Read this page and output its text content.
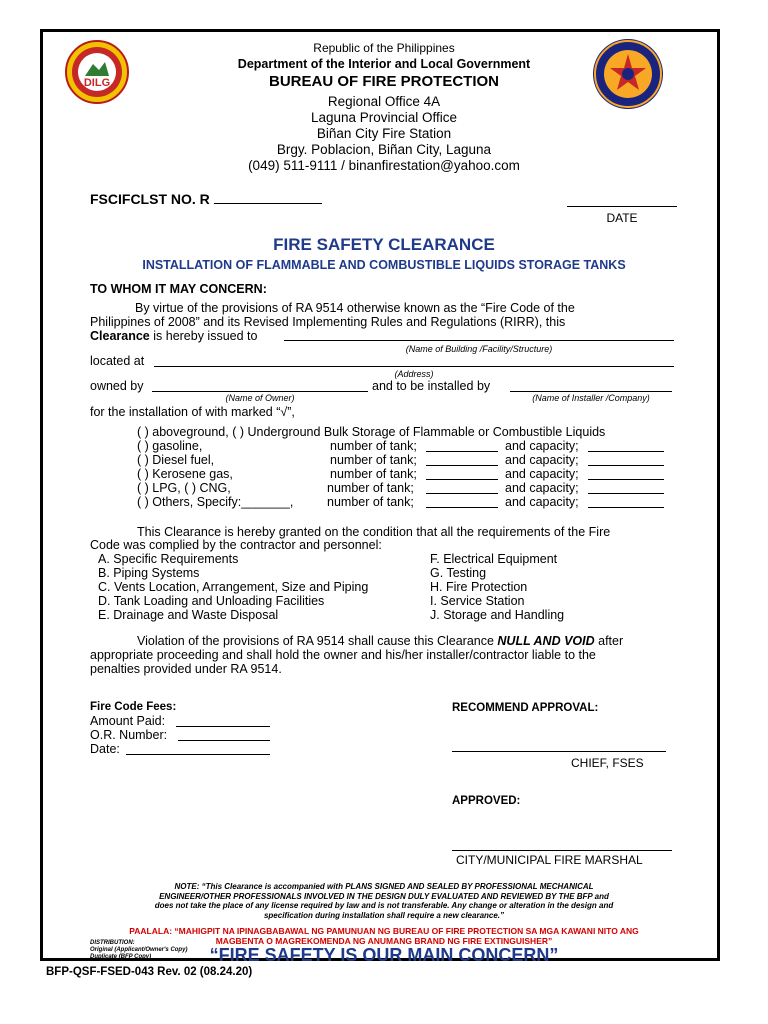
DILG
Republic of the Philippines
Department of the Interior and Local Government
BUREAU OF FIRE PROTECTION
Regional Office 4A
Laguna Provincial Office
Biñan City Fire Station
Brgy. Poblacion, Biñan City, Laguna
(049) 511-9111 / binanfirestation@yahoo.com
FSCIFCLST NO. R
DATE
FIRE SAFETY CLEARANCE
INSTALLATION OF FLAMMABLE AND COMBUSTIBLE LIQUIDS STORAGE TANKS
TO WHOM IT MAY CONCERN:
By virtue of the provisions of RA 9514 otherwise known as the “Fire Code of the
Philippines of 2008” and its Revised Implementing Rules and Regulations (RIRR), this
Clearance is hereby issued to
(Name of Building /Facility/Structure)
located at
(Address)
owned by	and to be installed by
(Name of Owner)	(Name of Installer /Company)
for the installation of with marked “√”,
( ) aboveground, ( ) Underground Bulk Storage of Flammable or Combustible Liquids
( ) gasoline,	number of tank;	and capacity;
( ) Diesel fuel,	number of tank;	and capacity;
( ) Kerosene gas,	number of tank;	and capacity;
( ) LPG, ( ) CNG,	number of tank;	and capacity;
( ) Others, Specify:_______,	number of tank;	and capacity;
This Clearance is hereby granted on the condition that all the requirements of the Fire
Code was complied by the contractor and personnel:
A. Specific Requirements
B. Piping Systems
C. Vents Location, Arrangement, Size and Piping
D. Tank Loading and Unloading Facilities
E. Drainage and Waste Disposal
F. Electrical Equipment
G. Testing
H. Fire Protection
I. Service Station
J. Storage and Handling
Violation of the provisions of RA 9514 shall cause this Clearance NULL AND VOID after
appropriate proceeding and shall hold the owner and his/her installer/contractor liable to the
penalties provided under RA 9514.
Fire Code Fees:
Amount Paid:
O.R. Number:
Date:
RECOMMEND APPROVAL:
CHIEF, FSES
APPROVED:
CITY/MUNICIPAL FIRE MARSHAL
NOTE: “This Clearance is accompanied with PLANS SIGNED AND SEALED BY PROFESSIONAL MECHANICAL
ENGINEER/OTHER PROFESSIONALS INVOLVED IN THE DESIGN DULY EVALUATED AND REVIEWED BY THE BFP and
does not take the place of any license required by law and is not transferable. Any change or alteration in the design and
specification during installation shall require a new clearance.”
PAALALA: “MAHIGPIT NA IPINAGBABAWAL NG PAMUNUAN NG BUREAU OF FIRE PROTECTION SA MGA KAWANI NITO ANG
MAGBENTA O MAGREKOMENDA NG ANUMANG BRAND NG FIRE EXTINGUISHER”
“FIRE SAFETY IS OUR MAIN CONCERN”
DISTRIBUTION:
Original (Applicant/Owner's Copy)
Duplicate (BFP Copy)
BFP-QSF-FSED-043 Rev. 02 (08.24.20)
